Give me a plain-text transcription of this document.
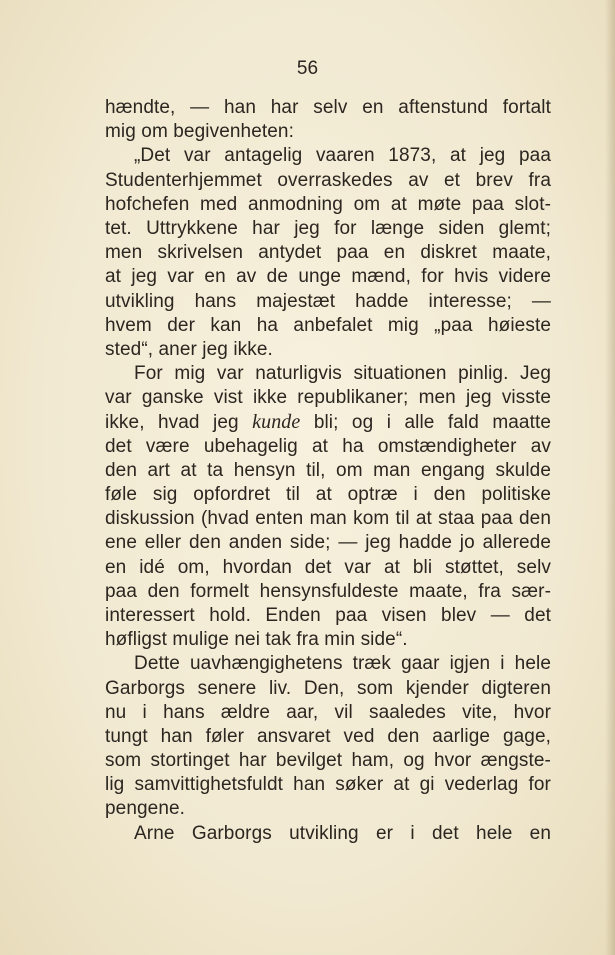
56
hændte, — han har selv en aftenstund fortalt
mig om begivenheten:
„Det var antagelig vaaren 1873, at jeg paa
Studenterhjemmet overraskedes av et brev fra
hofchefen med anmodning om at møte paa slot-
tet. Uttrykkene har jeg for længe siden glemt;
men skrivelsen antydet paa en diskret maate,
at jeg var en av de unge mænd, for hvis videre
utvikling hans majestæt hadde interesse; —
hvem der kan ha anbefalet mig „paa høieste
sted“, aner jeg ikke.
For mig var naturligvis situationen pinlig. Jeg
var ganske vist ikke republikaner; men jeg visste
ikke, hvad jeg kunde bli; og i alle fald maatte
det være ubehagelig at ha omstændigheter av
den art at ta hensyn til, om man engang skulde
føle sig opfordret til at optræ i den politiske
diskussion (hvad enten man kom til at staa paa den
ene eller den anden side; — jeg hadde jo allerede
en idé om, hvordan det var at bli støttet, selv
paa den formelt hensynsfuldeste maate, fra sær-
interessert hold. Enden paa visen blev — det
høfligst mulige nei tak fra min side“.
Dette uavhængighetens træk gaar igjen i hele
Garborgs senere liv. Den, som kjender digteren
nu i hans ældre aar, vil saaledes vite, hvor
tungt han føler ansvaret ved den aarlige gage,
som stortinget har bevilget ham, og hvor ængste-
lig samvittighetsfuldt han søker at gi vederlag for
pengene.
Arne Garborgs utvikling er i det hele en
